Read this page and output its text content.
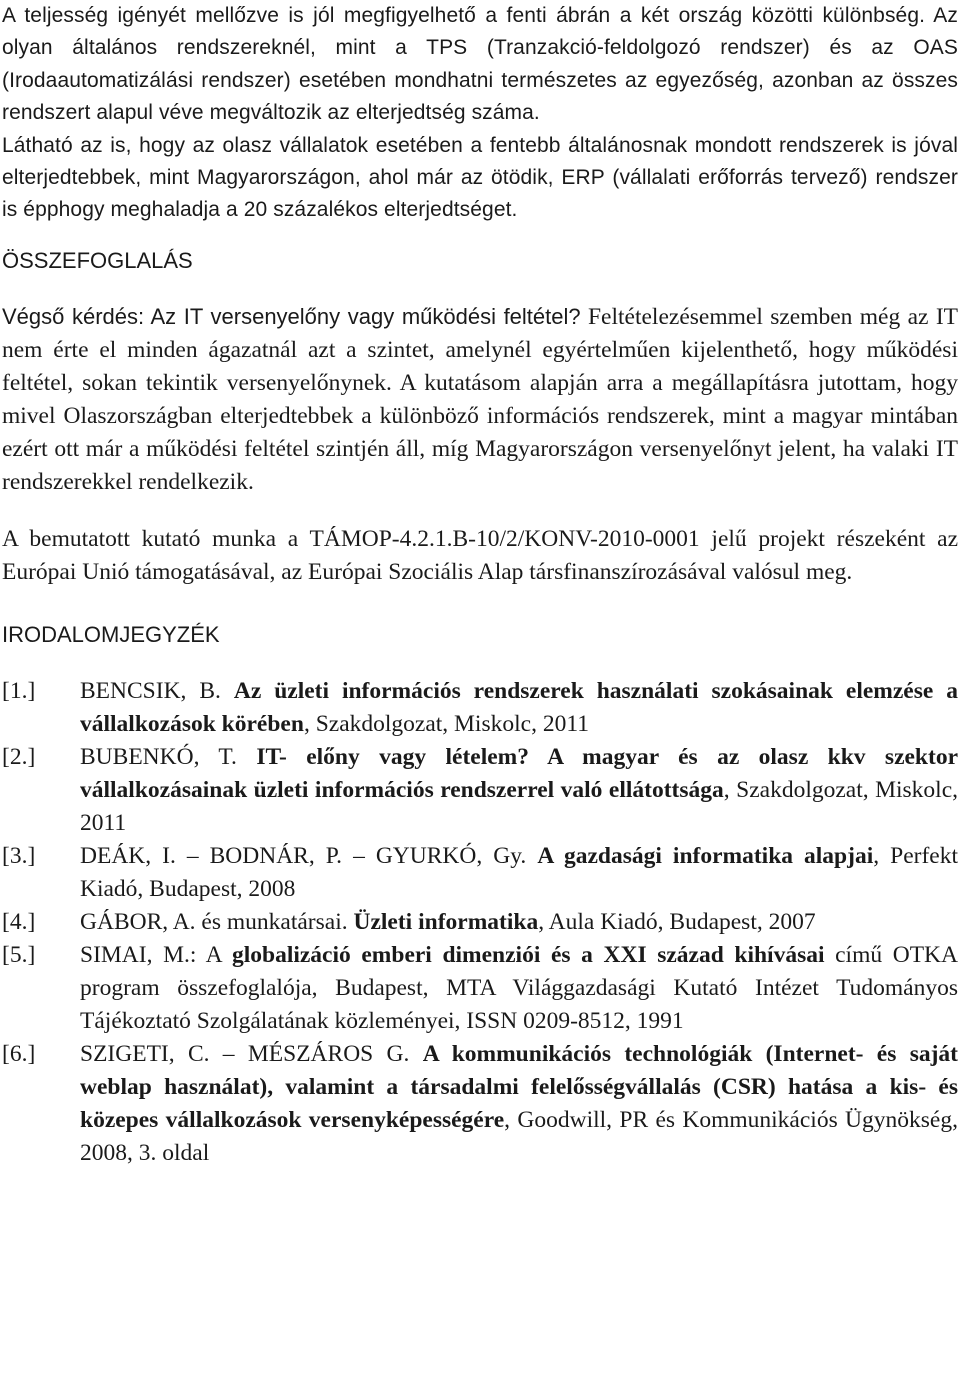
A teljesség igényét mellőzve is jól megfigyelhető a fenti ábrán a két ország közötti különbség. Az olyan általános rendszereknél, mint a TPS (Tranzakció-feldolgozó rendszer) és az OAS (Irodaautomatizálási rendszer) esetében mondhatni természetes az egyezőség, azonban az összes rendszert alapul véve megváltozik az elterjedtség száma.

Látható az is, hogy az olasz vállalatok esetében a fentebb általánosnak mondott rendszerek is jóval elterjedtebbek, mint Magyarországon, ahol már az ötödik, ERP (vállalati erőforrás tervező) rendszer is épphogy meghaladja a 20 százalékos elterjedtséget.

ÖSSZEFOGLALÁS

Végső kérdés: Az IT versenyelőny vagy működési feltétel? Feltételezésemmel szemben még az IT nem érte el minden ágazatnál azt a szintet, amelynél egyértelműen kijelenthető, hogy működési feltétel, sokan tekintik versenyelőnynek. A kutatásom alapján arra a megállapításra jutottam, hogy mivel Olaszországban elterjedtebbek a különböző információs rendszerek, mint a magyar mintában ezért ott már a működési feltétel szintjén áll, míg Magyarországon versenyelőnyt jelent, ha valaki IT rendszerekkel rendelkezik.

A bemutatott kutató munka a TÁMOP-4.2.1.B-10/2/KONV-2010-0001 jelű projekt részeként az Európai Unió támogatásával, az Európai Szociális Alap társfinanszírozásával valósul meg.

IRODALOMJEGYZÉK
[1.]	BENCSIK, B. Az üzleti információs rendszerek használati szokásainak elemzése a vállalkozások körében, Szakdolgozat, Miskolc, 2011
[2.]	BUBENKÓ, T. IT- előny vagy lételem? A magyar és az olasz kkv szektor vállalkozásainak üzleti információs rendszerrel való ellátottsága, Szakdolgozat, Miskolc, 2011
[3.]	DEÁK, I. – BODNÁR, P. – GYURKÓ, Gy. A gazdasági informatika alapjai, Perfekt Kiadó, Budapest, 2008
[4.]	GÁBOR, A. és munkatársai. Üzleti informatika, Aula Kiadó, Budapest, 2007
[5.]	SIMAI, M.: A globalizáció emberi dimenziói és a XXI század kihívásai című OTKA program összefoglalója, Budapest, MTA Világgazdasági Kutató Intézet Tudományos Tájékoztató Szolgálatának közleményei, ISSN 0209-8512, 1991
[6.]	SZIGETI, C. – MÉSZÁROS G. A kommunikációs technológiák (Internet- és saját weblap használat), valamint a társadalmi felelősségvállalás (CSR) hatása a kis- és közepes vállalkozások versenyképességére, Goodwill, PR és Kommunikációs Ügynökség, 2008, 3. oldal
